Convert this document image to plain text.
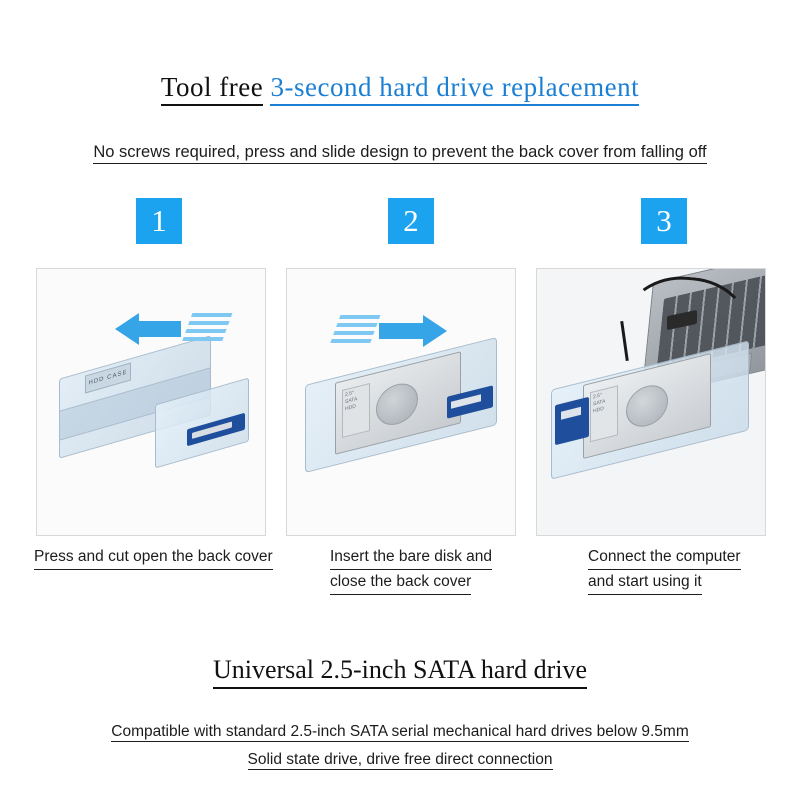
Tool free 3-second hard drive replacement
No screws required, press and slide design to prevent the back cover from falling off
1	2	3
HDD CASE
2.5" SATA HDD
2.5" SATA HDD
Press and cut open the back cover	Insert the bare disk and close the back cover
Connect the computer and start using it
Universal 2.5-inch SATA hard drive
Compatible with standard 2.5-inch SATA serial mechanical hard drives below 9.5mm
Solid state drive, drive free direct connection
